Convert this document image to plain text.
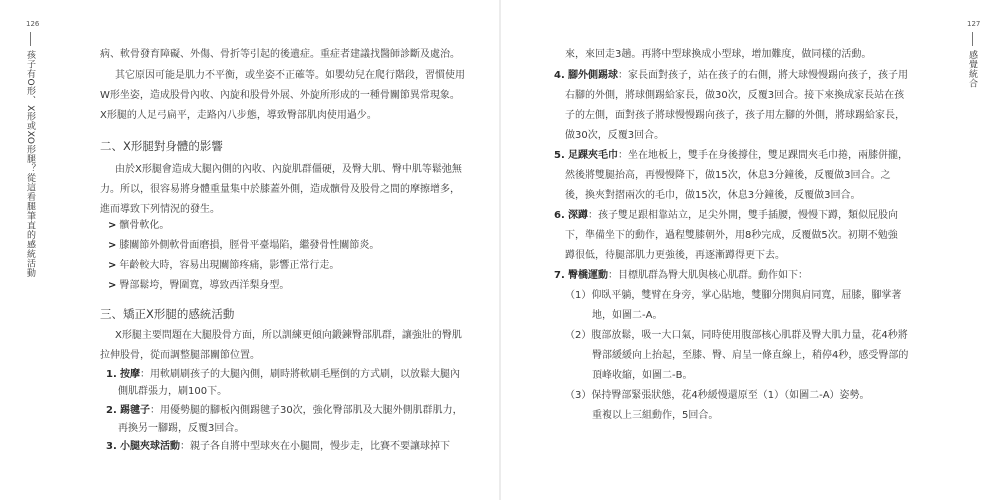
126
孩子有O形、X形或XO形腿？從這看腿筆直的感統活動	病、軟骨發育障礙、外傷、骨折等引起的後遺症。重症者建議找醫師診斷及處治。
其它原因可能是肌力不平衡，或坐姿不正確等。如嬰幼兒在爬行階段，習慣使用
W形坐姿，造成股骨內收、內旋和股骨外展、外旋所形成的一種骨關節異常現象。
X形腿的人足弓扁平，走路內八步態，導致臀部肌肉使用過少。
二、X形腿對身體的影響
由於X形腿會造成大腿內側的內收、內旋肌群僵硬，及臀大肌、臀中肌等鬆弛無
力。所以，很容易將身體重量集中於膝蓋外側，造成髕骨及股骨之間的摩擦增多，
進而導致下列情況的發生。
> 髕骨軟化。
> 膝關節外側軟骨面磨損，脛骨平臺塌陷，繼發骨性關節炎。
> 年齡較大時，容易出現關節疼痛，影響正常行走。
> 臀部鬆垮，臀圍寬，導致西洋梨身型。
三、矯正X形腿的感統活動
X形腿主要問題在大腿股骨方面，所以訓練更傾向鍛鍊臀部肌群，讓強壯的臀肌
拉伸股骨，從而調整腿部關節位置。
1. 按摩：用軟刷刷孩子的大腿內側，刷時將軟刷毛壓倒的方式刷，以放鬆大腿內
側肌群張力，刷100下。
2. 踢毽子：用優勢腿的腳板內側踢毽子30次，強化臀部肌及大腿外側肌群肌力，
再換另一腳踢，反覆3回合。
3. 小腿夾球活動：親子各自將中型球夾在小腿間，慢步走，比賽不要讓球掉下
127
感覺統合
來，來回走3趟。再將中型球換成小型球，增加難度，做同樣的活動。
4. 腳外側踢球：家長面對孩子，站在孩子的右側，將大球慢慢踢向孩子，孩子用
右腳的外側，將球側踢給家長，做30次，反覆3回合。接下來換成家長站在孩
子的左側，面對孩子將球慢慢踢向孩子，孩子用左腳的外側，將球踢給家長，
做30次，反覆3回合。
5. 足踝夾毛巾：坐在地板上，雙手在身後撐住，雙足踝間夾毛巾捲，兩膝併攏，
然後將雙腿抬高，再慢慢降下，做15次，休息3分鐘後，反覆做3回合。之
後，換夾對摺兩次的毛巾，做15次，休息3分鐘後，反覆做3回合。
6. 深蹲：孩子雙足跟相靠站立，足尖外開，雙手插腰，慢慢下蹲，類似屁股向
下，準備坐下的動作，過程雙膝朝外，用8秒完成，反覆做5次。初期不勉強
蹲很低，待腿部肌力更強後，再逐漸蹲得更下去。
7. 臀橋運動：目標肌群為臀大肌與核心肌群。動作如下：
（1）仰臥平躺，雙臂在身旁，掌心貼地，雙腳分開與肩同寬，屈膝，腳掌著
地，如圖二-A。
（2）腹部放鬆，吸一大口氣，同時使用腹部核心肌群及臀大肌力量，花4秒將
臀部緩緩向上抬起，至膝、臀、肩呈一條直線上，稍停4秒，感受臀部的
頂峰收縮，如圖二-B。
（3）保持臀部緊張狀態，花4秒緩慢還原至（1）（如圖二-A）姿勢。
重複以上三組動作，5回合。
